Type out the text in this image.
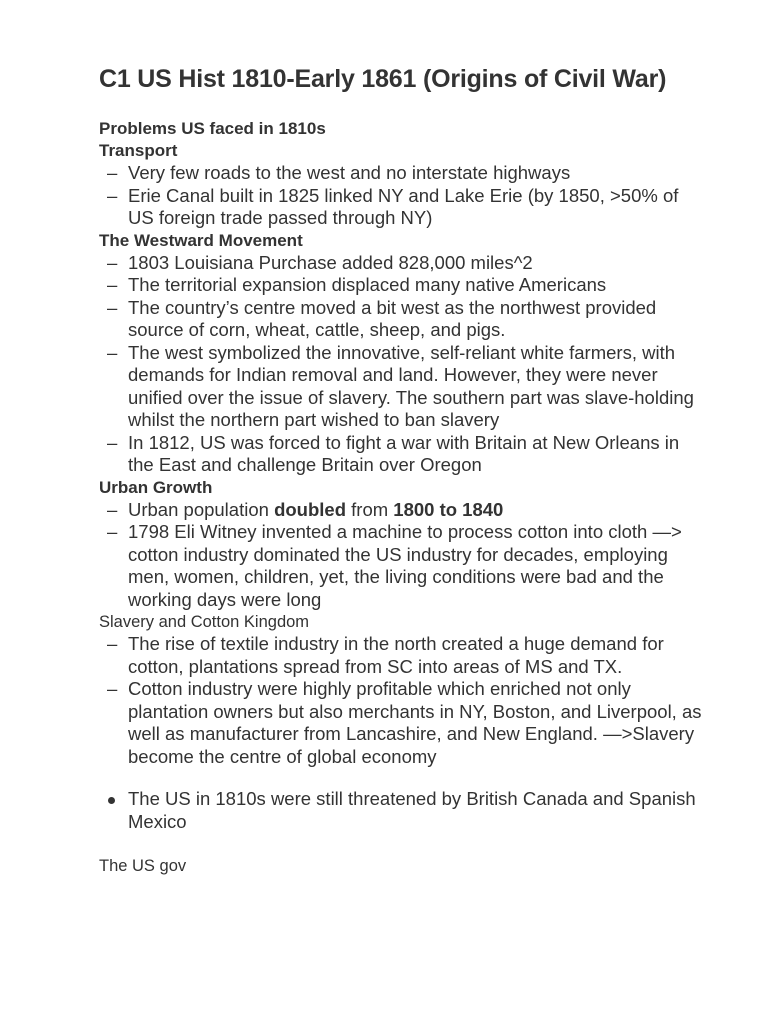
C1 US Hist 1810-Early 1861 (Origins of Civil War)
Problems US faced in 1810s
Transport
– Very few roads to the west and no interstate highways
– Erie Canal built in 1825 linked NY and Lake Erie (by 1850, >50% of US foreign trade passed through NY)
The Westward Movement
– 1803 Louisiana Purchase added 828,000 miles^2
– The territorial expansion displaced many native Americans
– The country’s centre moved a bit west as the northwest provided source of corn, wheat, cattle, sheep, and pigs.
– The west symbolized the innovative, self-reliant white farmers, with demands for Indian removal and land. However, they were never unified over the issue of slavery. The southern part was slave-holding whilst the northern part wished to ban slavery
– In 1812, US was forced to fight a war with Britain at New Orleans in the East and challenge Britain over Oregon
Urban Growth
– Urban population doubled from 1800 to 1840
– 1798 Eli Witney invented a machine to process cotton into cloth —> cotton industry dominated the US industry for decades, employing men, women, children, yet, the living conditions were bad and the working days were long
Slavery and Cotton Kingdom
– The rise of textile industry in the north created a huge demand for cotton, plantations spread from SC into areas of MS and TX.
– Cotton industry were highly profitable which enriched not only plantation owners but also merchants in NY, Boston, and Liverpool, as well as manufacturer from Lancashire, and New England. —>Slavery become the centre of global economy
The US in 1810s were still threatened by British Canada and Spanish Mexico
The US gov
